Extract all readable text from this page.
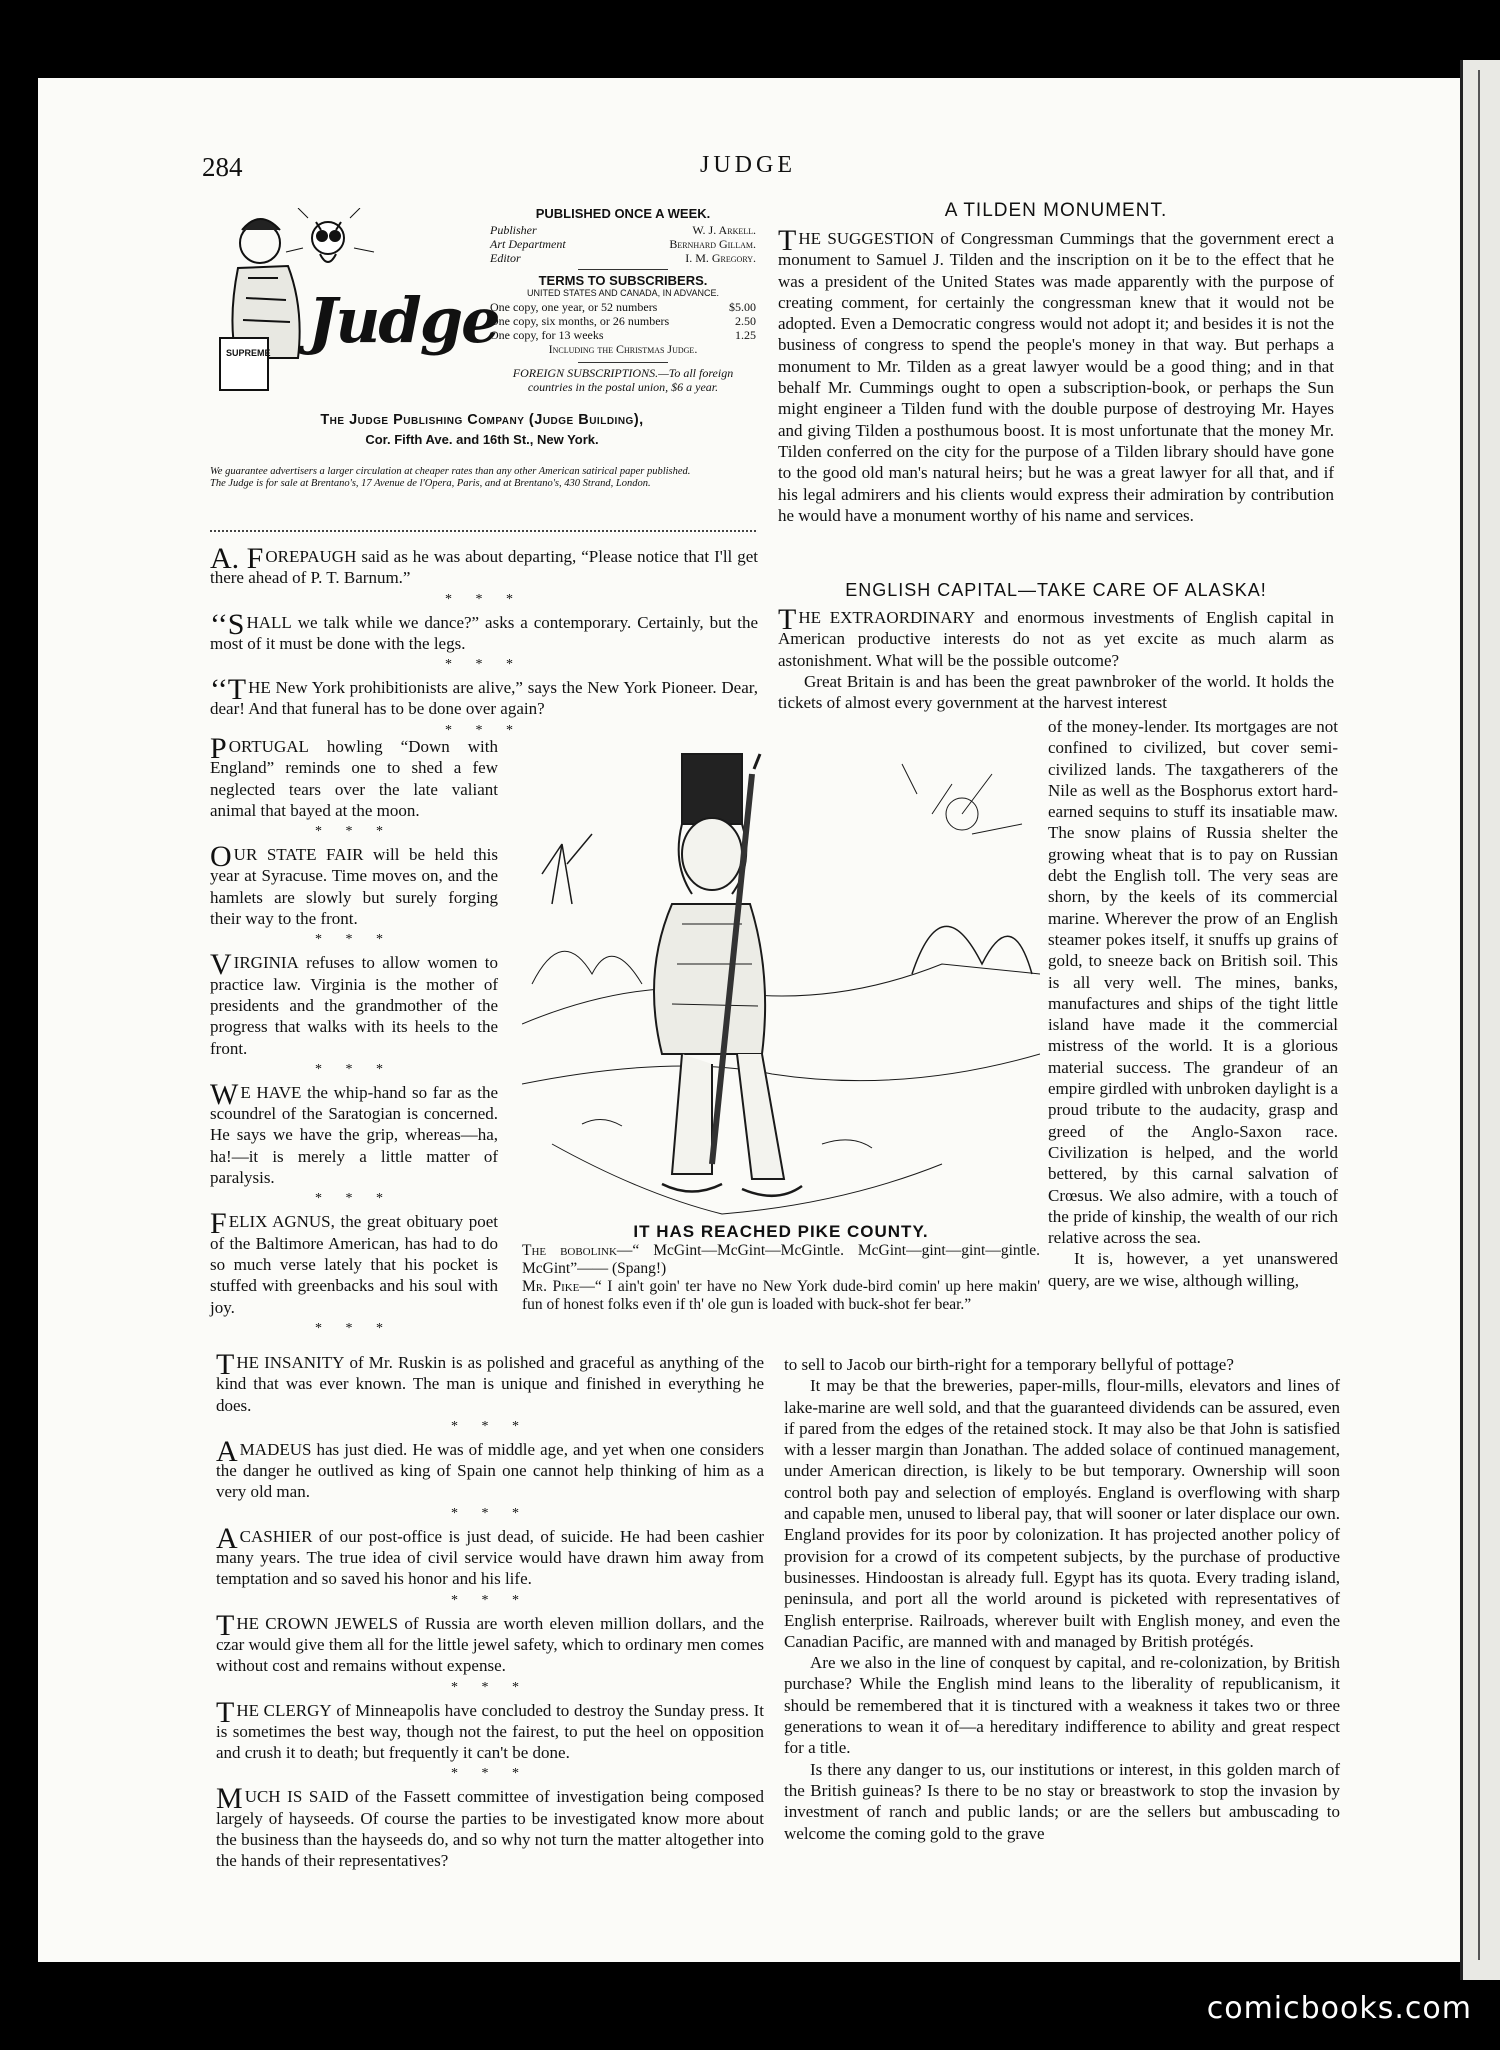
284	JUDGE
SUPREME Judge

PUBLISHED ONCE A WEEK.

Publisher	W. J. Arkell.
Art Department	Bernhard Gillam.
Editor	I. M. Gregory.

TERMS TO SUBSCRIBERS.

UNITED STATES AND CANADA, IN ADVANCE.

One copy, one year, or 52 numbers	$5.00
One copy, six months, or 26 numbers	2.50
One copy, for 13 weeks	1.25
Including the Christmas Judge.

FOREIGN SUBSCRIPTIONS.—To all foreign countries in the postal union, $6 a year.

The Judge Publishing Company (Judge Building),
Cor. Fifth Ave. and 16th St., New York.
We guarantee advertisers a larger circulation at cheaper rates than any other American satirical paper published.
The Judge is for sale at Brentano's, 17 Avenue de l'Opera, Paris, and at Brentano's, 430 Strand, London.

A. F OREPAUGH said as he was about departing, “Please notice that I'll get there ahead of P. T. Barnum.”

* * *

‘‘S HALL we talk while we dance?” asks a contemporary. Certainly, but the most of it must be done with the legs.

* * *

‘‘T HE New York prohibitionists are alive,” says the New York Pioneer. Dear, dear! And that funeral has to be done over again?

* * *

PORTUGAL howling “Down with England” reminds one to shed a few neglected tears over the late valiant animal that bayed at the moon.

* * *

OUR STATE FAIR will be held this year at Syracuse. Time moves on, and the hamlets are slowly but surely forging their way to the front.

* * *

VIRGINIA refuses to allow women to practice law. Virginia is the mother of presidents and the grandmother of the progress that walks with its heels to the front.

* * *

W E HAVE the whip-hand so far as the scoundrel of the Saratogian is concerned. He says we have the grip, whereas—ha, ha!—it is merely a little matter of paralysis.

* * *

FELIX AGNUS, the great obituary poet of the Baltimore American, has had to do so much verse lately that his pocket is stuffed with greenbacks and his soul with joy.

* * *
IT HAS REACHED PIKE COUNTY.

The bobolink—“ McGint—McGint—McGintle. McGint—gint—gint—gintle. McGint”—— (Spang!)

Mr. Pike—“ I ain't goin' ter have no New York dude-bird comin' up here makin' fun of honest folks even if th' ole gun is loaded with buck-shot fer bear.”

THE INSANITY of Mr. Ruskin is as polished and graceful as anything of the kind that was ever known. The man is unique and finished in everything he does.

* * *

AMADEUS has just died. He was of middle age, and yet when one considers the danger he outlived as king of Spain one cannot help thinking of him as a very old man.

* * *

A CASHIER of our post-office is just dead, of suicide. He had been cashier many years. The true idea of civil service would have drawn him away from temptation and so saved his honor and his life.

* * *

THE CROWN JEWELS of Russia are worth eleven million dollars, and the czar would give them all for the little jewel safety, which to ordinary men comes without cost and remains without expense.

* * *

THE CLERGY of Minneapolis have concluded to destroy the Sunday press. It is sometimes the best way, though not the fairest, to put the heel on opposition and crush it to death; but frequently it can't be done.

* * *

MUCH IS SAID of the Fassett committee of investigation being composed largely of hayseeds. Of course the parties to be investigated know more about the business than the hayseeds do, and so why not turn the matter altogether into the hands of their representatives?

A TILDEN MONUMENT.

THE SUGGESTION of Congressman Cummings that the government erect a monument to Samuel J. Tilden and the inscription on it be to the effect that he was a president of the United States was made apparently with the purpose of creating comment, for certainly the congressman knew that it would not be adopted. Even a Democratic congress would not adopt it; and besides it is not the business of congress to spend the people's money in that way. But perhaps a monument to Mr. Tilden as a great lawyer would be a good thing; and in that behalf Mr. Cummings ought to open a subscription-book, or perhaps the Sun might engineer a Tilden fund with the double purpose of destroying Mr. Hayes and giving Tilden a posthumous boost. It is most unfortunate that the money Mr. Tilden conferred on the city for the purpose of a Tilden library should have gone to the good old man's natural heirs; but he was a great lawyer for all that, and if his legal admirers and his clients would express their admiration by contribution he would have a monument worthy of his name and services.

ENGLISH CAPITAL—TAKE CARE OF ALASKA!

THE EXTRAORDINARY and enormous investments of English capital in American productive interests do not as yet excite as much alarm as astonishment. What will be the possible outcome?

Great Britain is and has been the great pawnbroker of the world. It holds the tickets of almost every government at the harvest interest

of the money-lender. Its mortgages are not confined to civilized, but cover semi-civilized lands. The taxgatherers of the Nile as well as the Bosphorus extort hard-earned sequins to stuff its insatiable maw. The snow plains of Russia shelter the growing wheat that is to pay on Russian debt the English toll. The very seas are shorn, by the keels of its commercial marine. Wherever the prow of an English steamer pokes itself, it snuffs up grains of gold, to sneeze back on British soil. This is all very well. The mines, banks, manufactures and ships of the tight little island have made it the commercial mistress of the world. It is a glorious material success. The grandeur of an empire girdled with unbroken daylight is a proud tribute to the audacity, grasp and greed of the Anglo-Saxon race. Civilization is helped, and the world bettered, by this carnal salvation of Crœsus. We also admire, with a touch of the pride of kinship, the wealth of our rich relative across the sea.

It is, however, a yet unanswered query, are we wise, although willing,

to sell to Jacob our birth-right for a temporary bellyful of pottage?

It may be that the breweries, paper-mills, flour-mills, elevators and lines of lake-marine are well sold, and that the guaranteed dividends can be assured, even if pared from the edges of the retained stock. It may also be that John is satisfied with a lesser margin than Jonathan. The added solace of continued management, under American direction, is likely to be but temporary. Ownership will soon control both pay and selection of employés. England is overflowing with sharp and capable men, unused to liberal pay, that will sooner or later displace our own. England provides for its poor by colonization. It has projected another policy of provision for a crowd of its competent subjects, by the purchase of productive businesses. Hindoostan is already full. Egypt has its quota. Every trading island, peninsula, and port all the world around is picketed with representatives of English enterprise. Railroads, wherever built with English money, and even the Canadian Pacific, are manned with and managed by British protégés.

Are we also in the line of conquest by capital, and re-colonization, by British purchase? While the English mind leans to the liberality of republicanism, it should be remembered that it is tinctured with a weakness it takes two or three generations to wean it of—a hereditary indifference to ability and great respect for a title.

Is there any danger to us, our institutions or interest, in this golden march of the British guineas? Is there to be no stay or breastwork to stop the invasion by investment of ranch and public lands; or are the sellers but ambuscading to welcome the coming gold to the grave

comicbooks.com
